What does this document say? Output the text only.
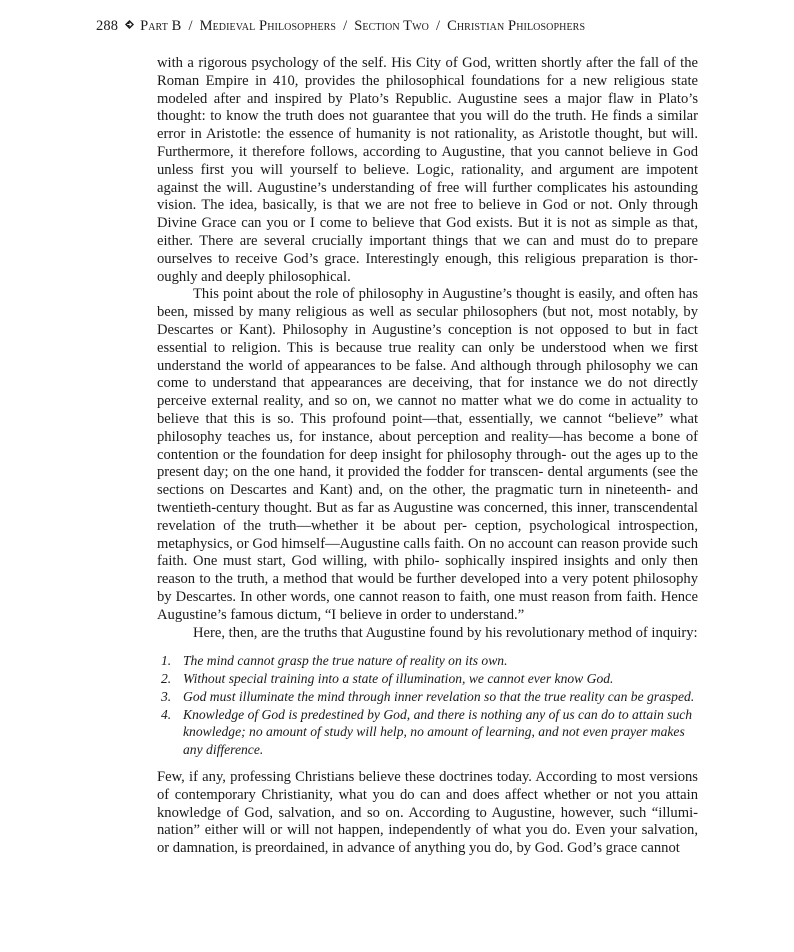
288 Part B / Medieval Philosophers / Section Two / Christian Philosophers

with a rigorous psychology of the self. His City of God, written shortly after the fall of the Roman Empire in 410, provides the philosophical foundations for a new religious state modeled after and inspired by Plato’s Republic. Augustine sees a major flaw in Plato’s thought: to know the truth does not guarantee that you will do the truth. He finds a similar error in Aristotle: the essence of humanity is not rationality, as Aristotle thought, but will. Furthermore, it therefore follows, according to Augustine, that you cannot believe in God unless first you will yourself to believe. Logic, rationality, and argument are impotent against the will. Augustine’s understanding of free will further complicates his astounding vision. The idea, basically, is that we are not free to believe in God or not. Only through Divine Grace can you or I come to believe that God exists. But it is not as simple as that, either. There are several crucially important things that we can and must do to prepare ourselves to receive God’s grace. Interestingly enough, this religious preparation is thor- oughly and deeply philosophical.

This point about the role of philosophy in Augustine’s thought is easily, and often has been, missed by many religious as well as secular philosophers (but not, most notably, by Descartes or Kant). Philosophy in Augustine’s conception is not opposed to but in fact essential to religion. This is because true reality can only be understood when we first understand the world of appearances to be false. And although through philosophy we can come to understand that appearances are deceiving, that for instance we do not directly perceive external reality, and so on, we cannot no matter what we do come in actuality to believe that this is so. This profound point—that, essentially, we cannot “believe” what philosophy teaches us, for instance, about perception and reality—has become a bone of contention or the foundation for deep insight for philosophy through- out the ages up to the present day; on the one hand, it provided the fodder for transcen- dental arguments (see the sections on Descartes and Kant) and, on the other, the pragmatic turn in nineteenth- and twentieth-century thought. But as far as Augustine was concerned, this inner, transcendental revelation of the truth—whether it be about per- ception, psychological introspection, metaphysics, or God himself—Augustine calls faith. On no account can reason provide such faith. One must start, God willing, with philo- sophically inspired insights and only then reason to the truth, a method that would be further developed into a very potent philosophy by Descartes. In other words, one cannot reason to faith, one must reason from faith. Hence Augustine’s famous dictum, “I believe in order to understand.”

Here, then, are the truths that Augustine found by his revolutionary method of inquiry:

1. The mind cannot grasp the true nature of reality on its own.
2. Without special training into a state of illumination, we cannot ever know God.
3. God must illuminate the mind through inner revelation so that the true reality can be grasped.
4. Knowledge of God is predestined by God, and there is nothing any of us can do to attain such knowledge; no amount of study will help, no amount of learning, and not even prayer makes any difference.

Few, if any, professing Christians believe these doctrines today. According to most versions of contemporary Christianity, what you do can and does affect whether or not you attain knowledge of God, salvation, and so on. According to Augustine, however, such “illumi- nation” either will or will not happen, independently of what you do. Even your salvation, or damnation, is preordained, in advance of anything you do, by God. God’s grace cannot
